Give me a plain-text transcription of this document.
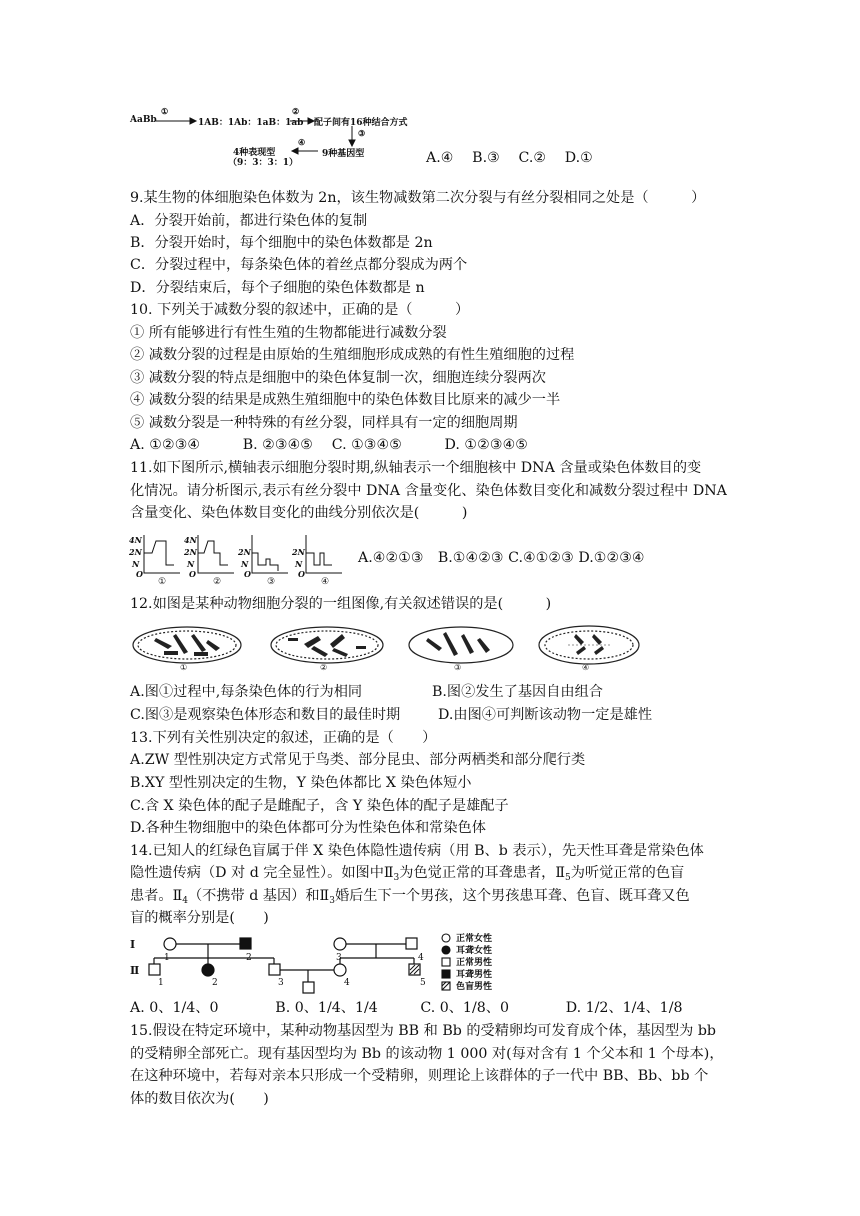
AaBb
①
1AB：1Ab：1aB：1ab
②
配子间有16种结合方式
③
④
4种表现型
（9：3：3：1）
9种基因型	A.④　 B.③　 C.②　 D.①
9.某生物的体细胞染色体数为 2n，该生物减数第二次分裂与有丝分裂相同之处是（　　　）
A．分裂开始前，都进行染色体的复制
B．分裂开始时，每个细胞中的染色体数都是 2n
C．分裂过程中，每条染色体的着丝点都分裂成为两个
D．分裂结束后，每个子细胞的染色体数都是 n
10. 下列关于减数分裂的叙述中，正确的是（　　　）
① 所有能够进行有性生殖的生物都能进行减数分裂
② 减数分裂的过程是由原始的生殖细胞形成成熟的有性生殖细胞的过程
③ 减数分裂的特点是细胞中的染色体复制一次，细胞连续分裂两次
④ 减数分裂的结果是成熟生殖细胞中的染色体数目比原来的减少一半
⑤ 减数分裂是一种特殊的有丝分裂，同样具有一定的细胞周期
A. ①②③④　　　B. ②③④⑤　 C. ①③④⑤　　　D. ①②③④⑤
11.如下图所示,横轴表示细胞分裂时期,纵轴表示一个细胞核中 DNA 含量或染色体数目的变
化情况。请分析图示,表示有丝分裂中 DNA 含量变化、染色体数目变化和减数分裂过程中 DNA
含量变化、染色体数目变化的曲线分别依次是(　　　)
4N
2N
N
O
4N
2N
N
O
2N
N
O
2N
N
O
①	②	③	④
A.④②①③　B.①④②③ C.④①②③ D.①②③④
12.如图是某种动物细胞分裂的一组图像,有关叙述错误的是(　　　)
①	②	③	④
A.图①过程中,每条染色体的行为相同	B.图②发生了基因自由组合
C.图③是观察染色体形态和数目的最佳时期	D.由图④可判断该动物一定是雄性
13.下列有关性别决定的叙述，正确的是（　　）
A.ZW 型性别决定方式常见于鸟类、部分昆虫、部分两栖类和部分爬行类
B.XY 型性别决定的生物，Y 染色体都比 X 染色体短小
C.含 X 染色体的配子是雌配子，含 Y 染色体的配子是雄配子
D.各种生物细胞中的染色体都可分为性染色体和常染色体
14.已知人的红绿色盲属于伴 X 染色体隐性遗传病（用 B、b 表示），先天性耳聋是常染色体
隐性遗传病（D 对 d 完全显性）。如图中$Ⅱ_3$为色觉正常的耳聋患者，$Ⅱ_5$为听觉正常的色盲
患者。$Ⅱ_4$（不携带 d 基因）和$Ⅱ_3$婚后生下一个男孩，这个男孩患耳聋、色盲、既耳聋又色
盲的概率分别是(　　)
Ⅰ
Ⅱ
1	2	3	4
1	2	3	4	5
正常女性
耳聋女性
正常男性
耳聋男性
色盲男性
A. 0、1/4、0　　　　B. 0、1/4、1/4　　　C. 0、1/8、0　　　　D. 1/2、1/4、1/8
15.假设在特定环境中，某种动物基因型为 BB 和 Bb 的受精卵均可发育成个体，基因型为 bb
的受精卵全部死亡。现有基因型均为 Bb 的该动物 1 000 对(每对含有 1 个父本和 1 个母本)，
在这种环境中，若每对亲本只形成一个受精卵，则理论上该群体的子一代中 BB、Bb、bb 个
体的数目依次为(　　)
